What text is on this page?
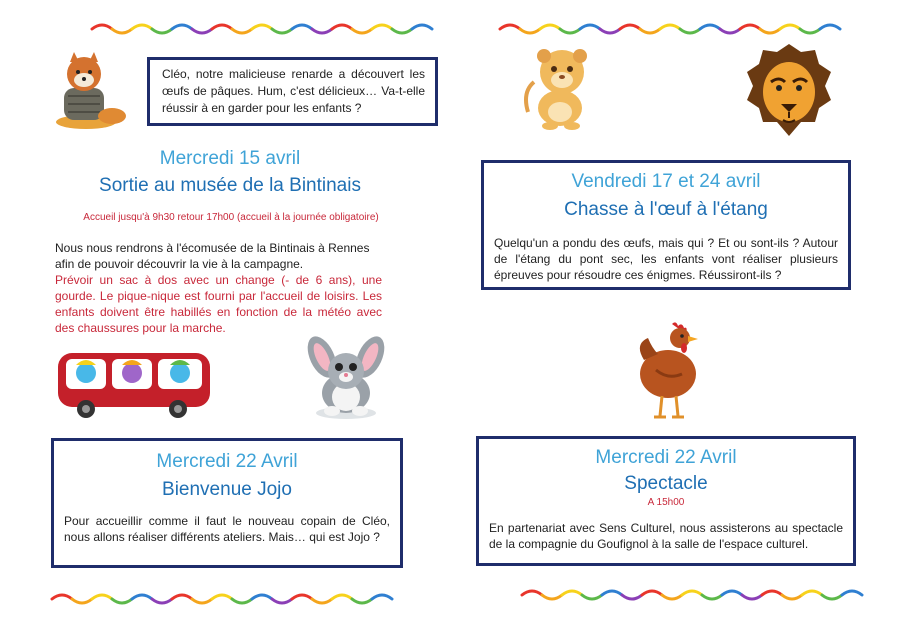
Cléo, notre malicieuse renarde a découvert les œufs de pâques. Hum, c'est délicieux… Va-t-elle réussir à en garder pour les enfants ?
Mercredi 15 avril
Sortie au musée de la Bintinais
Accueil jusqu'à 9h30 retour 17h00 (accueil à la journée obligatoire)
Nous nous rendrons à l'écomusée de la Bintinais à Rennes afin de pouvoir découvrir la vie à la campagne.
Prévoir un sac à dos avec un change (- de 6 ans), une gourde. Le pique-nique est fourni par l'accueil de loisirs. Les enfants doivent être habillés en fonction de la météo avec des chaussures pour la marche.
Vendredi 17 et 24 avril
Chasse à l'œuf à l'étang
Quelqu'un a pondu des œufs, mais qui ? Et ou sont-ils ? Autour de l'étang du pont sec, les enfants vont réaliser plusieurs épreuves pour résoudre ces énigmes. Réussiront-ils ?
Mercredi 22 Avril
Bienvenue Jojo
Pour accueillir comme il faut le nouveau copain de Cléo, nous allons réaliser différents ateliers. Mais… qui est Jojo ?
Mercredi 22 Avril
Spectacle
A 15h00
En partenariat avec Sens Culturel, nous assisterons au spectacle de la compagnie du Goufignol à la salle de l'espace culturel.
